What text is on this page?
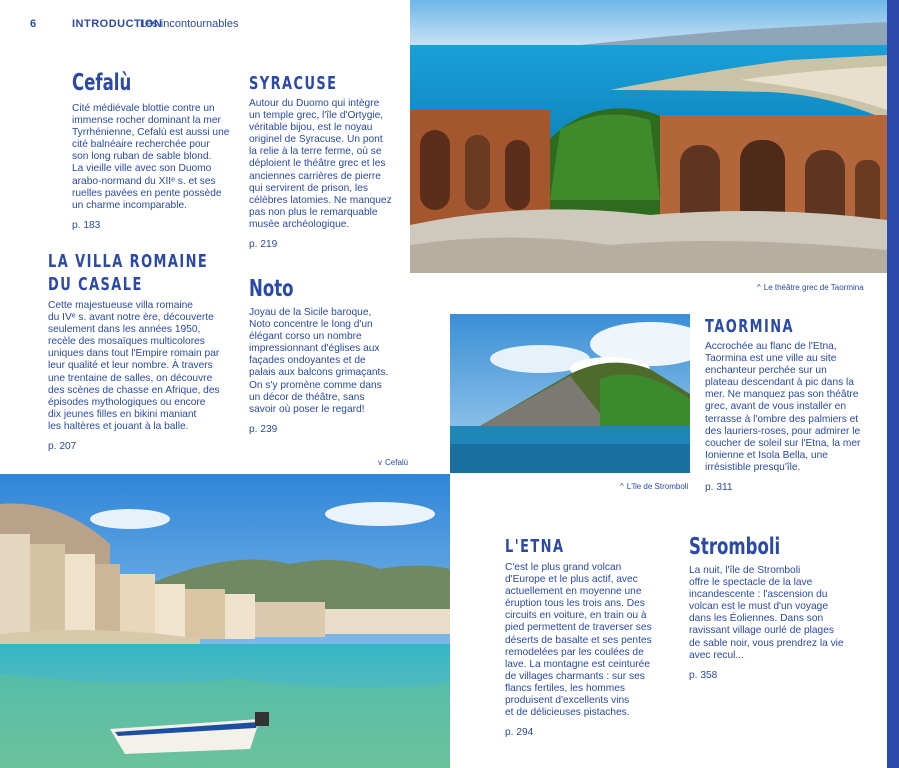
6	INTRODUCTION
Les incontournables
^ Le théâtre grec de Taormina
^ L'île de Stromboli
v Cefalù
Cefalù
Cité médiévale blottie contre un
immense rocher dominant la mer
Tyrrhénienne, Cefalù est aussi une
cité balnéaire recherchée pour
son long ruban de sable blond.
La vieille ville avec son Duomo
arabo-normand du XIIᵉ s. et ses
ruelles pavées en pente possède
un charme incomparable.
p. 183
SYRACUSE
Autour du Duomo qui intègre
un temple grec, l'île d'Ortygie,
véritable bijou, est le noyau
originel de Syracuse. Un pont
la relie à la terre ferme, où se
déploient le théâtre grec et les
anciennes carrières de pierre
qui servirent de prison, les
célèbres latomies. Ne manquez
pas non plus le remarquable
musée archéologique.
p. 219
LA VILLA ROMAINE
DU CASALE
Cette majestueuse villa romaine
du IVᵉ s. avant notre ère, découverte
seulement dans les années 1950,
recèle des mosaïques multicolores
uniques dans tout l'Empire romain par
leur qualité et leur nombre. À travers
une trentaine de salles, on découvre
des scènes de chasse en Afrique, des
épisodes mythologiques ou encore
dix jeunes filles en bikini maniant
les haltères et jouant à la balle.
p. 207
Noto
Joyau de la Sicile baroque,
Noto concentre le long d'un
élégant corso un nombre
impressionnant d'églises aux
façades ondoyantes et de
palais aux balcons grimaçants.
On s'y promène comme dans
un décor de théâtre, sans
savoir où poser le regard!
p. 239
TAORMINA
Accrochée au flanc de l'Etna,
Taormina est une ville au site
enchanteur perchée sur un
plateau descendant à pic dans la
mer. Ne manquez pas son théâtre
grec, avant de vous installer en
terrasse à l'ombre des palmiers et
des lauriers-roses, pour admirer le
coucher de soleil sur l'Etna, la mer
Ionienne et Isola Bella, une
irrésistible presqu'île.
p. 311
L'ETNA
C'est le plus grand volcan
d'Europe et le plus actif, avec
actuellement en moyenne une
éruption tous les trois ans. Des
circuits en voiture, en train ou à
pied permettent de traverser ses
déserts de basalte et ses pentes
remodelées par les coulées de
lave. La montagne est ceinturée
de villages charmants : sur ses
flancs fertiles, les hommes
produisent d'excellents vins
et de délicieuses pistaches.
p. 294
Stromboli
La nuit, l'île de Stromboli
offre le spectacle de la lave
incandescente : l'ascension du
volcan est le must d'un voyage
dans les Éoliennes. Dans son
ravissant village ourlé de plages
de sable noir, vous prendrez la vie
avec recul...
p. 358
